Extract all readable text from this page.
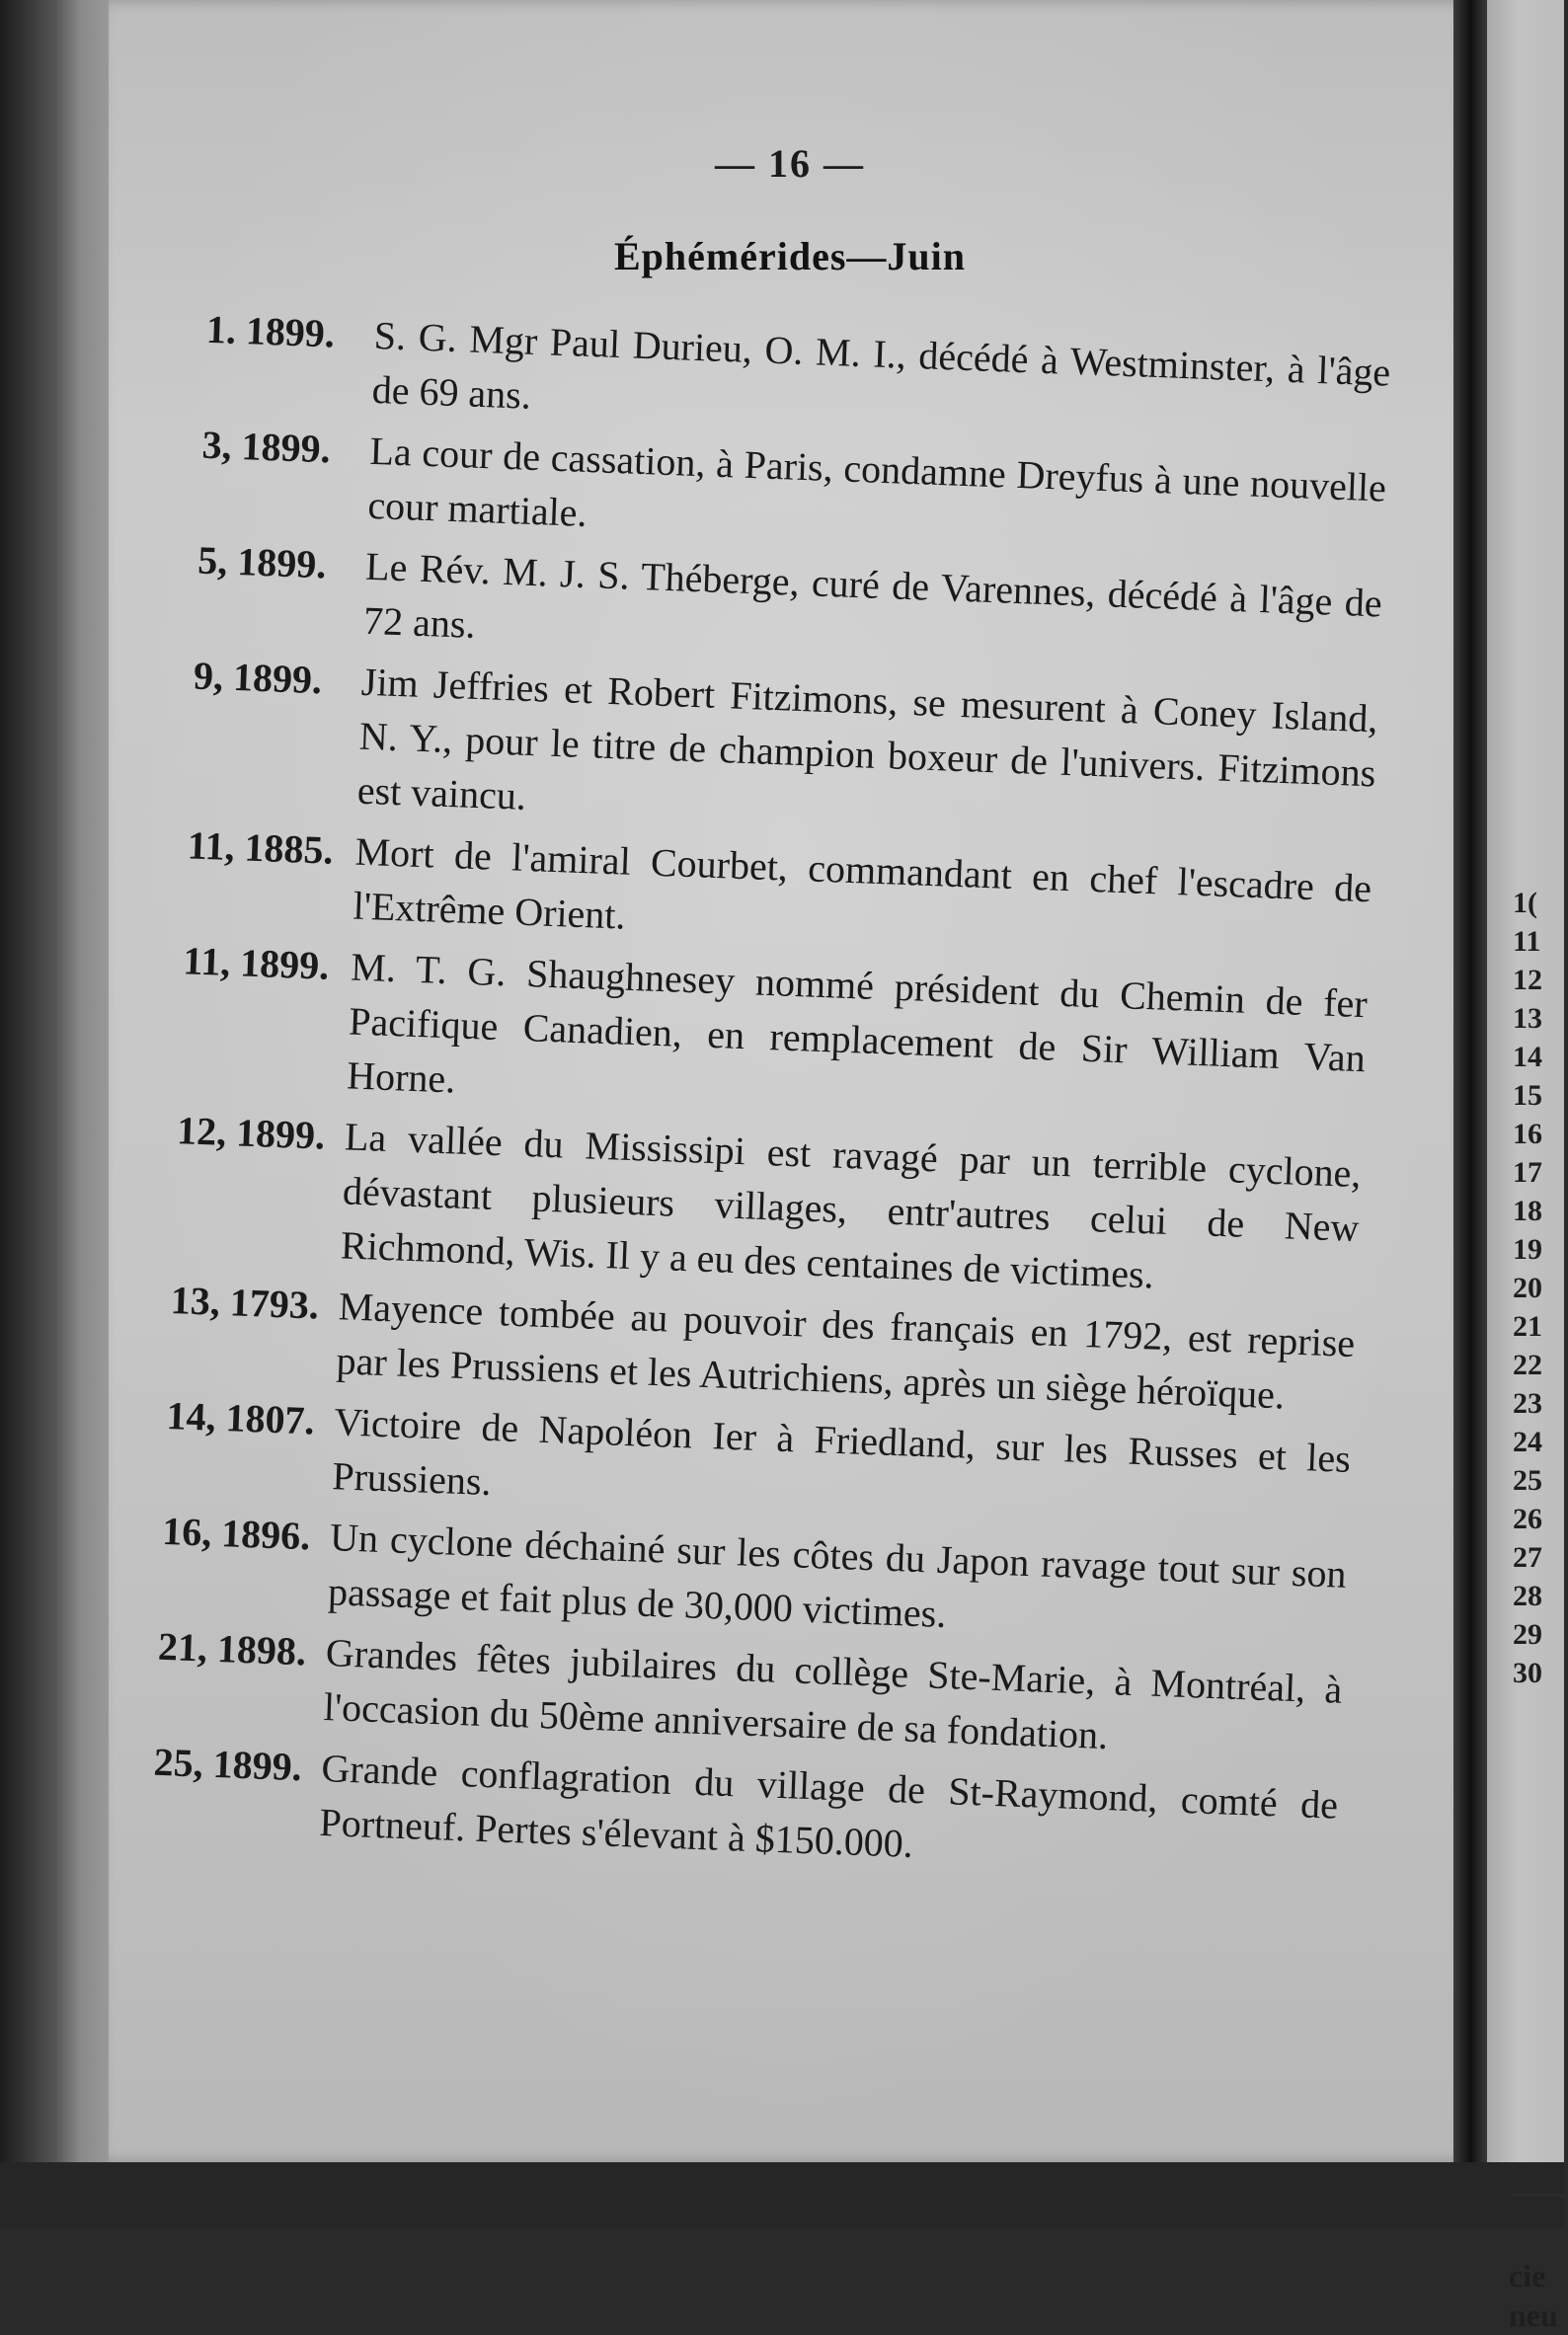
— 16 —
Éphémérides—Juin
1. 1899. S. G. Mgr Paul Durieu, O. M. I., décédé à Westminster, à l'âge de 69 ans.
3, 1899. La cour de cassation, à Paris, condamne Dreyfus à une nouvelle cour martiale.
5, 1899. Le Rév. M. J. S. Théberge, curé de Varennes, décédé à l'âge de 72 ans.
9, 1899. Jim Jeffries et Robert Fitzimons, se mesurent à Coney Island, N. Y., pour le titre de champion boxeur de l'univers. Fitzimons est vaincu.
11, 1885. Mort de l'amiral Courbet, commandant en chef l'escadre de l'Extrême Orient.
11, 1899. M. T. G. Shaughnesey nommé président du Chemin de fer Pacifique Canadien, en remplacement de Sir William Van Horne.
12, 1899. La vallée du Mississipi est ravagé par un terrible cyclone, dévastant plusieurs villages, entr'autres celui de New Richmond, Wis. Il y a eu des centaines de victimes.
13, 1793. Mayence tombée au pouvoir des français en 1792, est reprise par les Prussiens et les Autrichiens, après un siège héroïque.
14, 1807. Victoire de Napoléon Ier à Friedland, sur les Russes et les Prussiens.
16, 1896. Un cyclone déchainé sur les côtes du Japon ravage tout sur son passage et fait plus de 30,000 victimes.
21, 1898. Grandes fêtes jubilaires du collège Ste-Marie, à Montréal, à l'occasion du 50ème anniversaire de sa fondation.
25, 1899. Grande conflagration du village de St-Raymond, comté de Portneuf. Pertes s'élevant à $150.000.
1(
11
12
13
14
15
16
17
18
19
20
21
22
23
24
25
26
27
28
29
30
cie
neu
